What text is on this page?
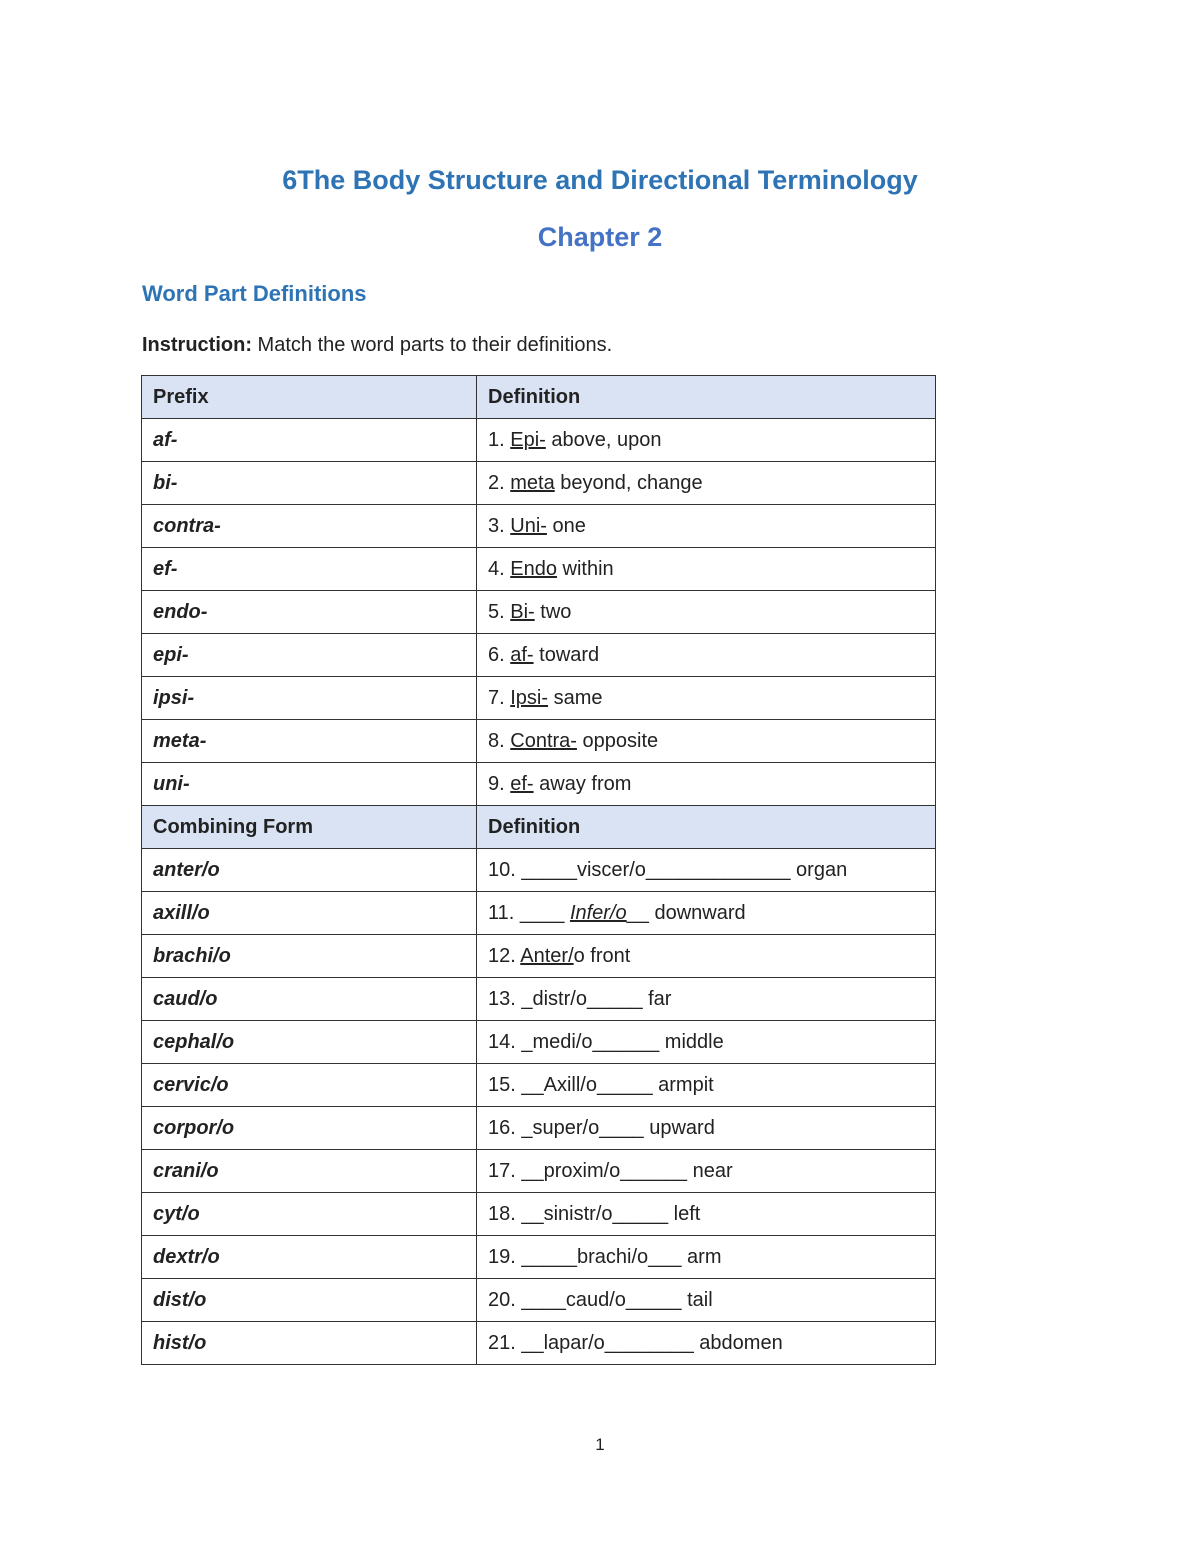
6The Body Structure and Directional Terminology
Chapter 2
Word Part Definitions
Instruction: Match the word parts to their definitions.
Prefix	Definition
af-	1. Epi- above, upon
bi-	2. meta beyond, change
contra-	3. Uni- one
ef-	4. Endo within
endo-	5. Bi- two
epi-	6. af- toward
ipsi-	7. Ipsi- same
meta-	8. Contra- opposite
uni-	9. ef- away from
Combining Form	Definition
anter/o	10. _____viscer/o_____________ organ
axill/o	11. ____ Infer/o__ downward
brachi/o	12. Anter/o front
caud/o	13. _distr/o_____ far
cephal/o	14. _medi/o______ middle
cervic/o	15. __Axill/o_____ armpit
corpor/o	16. _super/o____ upward
crani/o	17. __proxim/o______ near
cyt/o	18. __sinistr/o_____ left
dextr/o	19. _____brachi/o___ arm
dist/o	20. ____caud/o_____ tail
hist/o	21. __lapar/o________ abdomen
1
